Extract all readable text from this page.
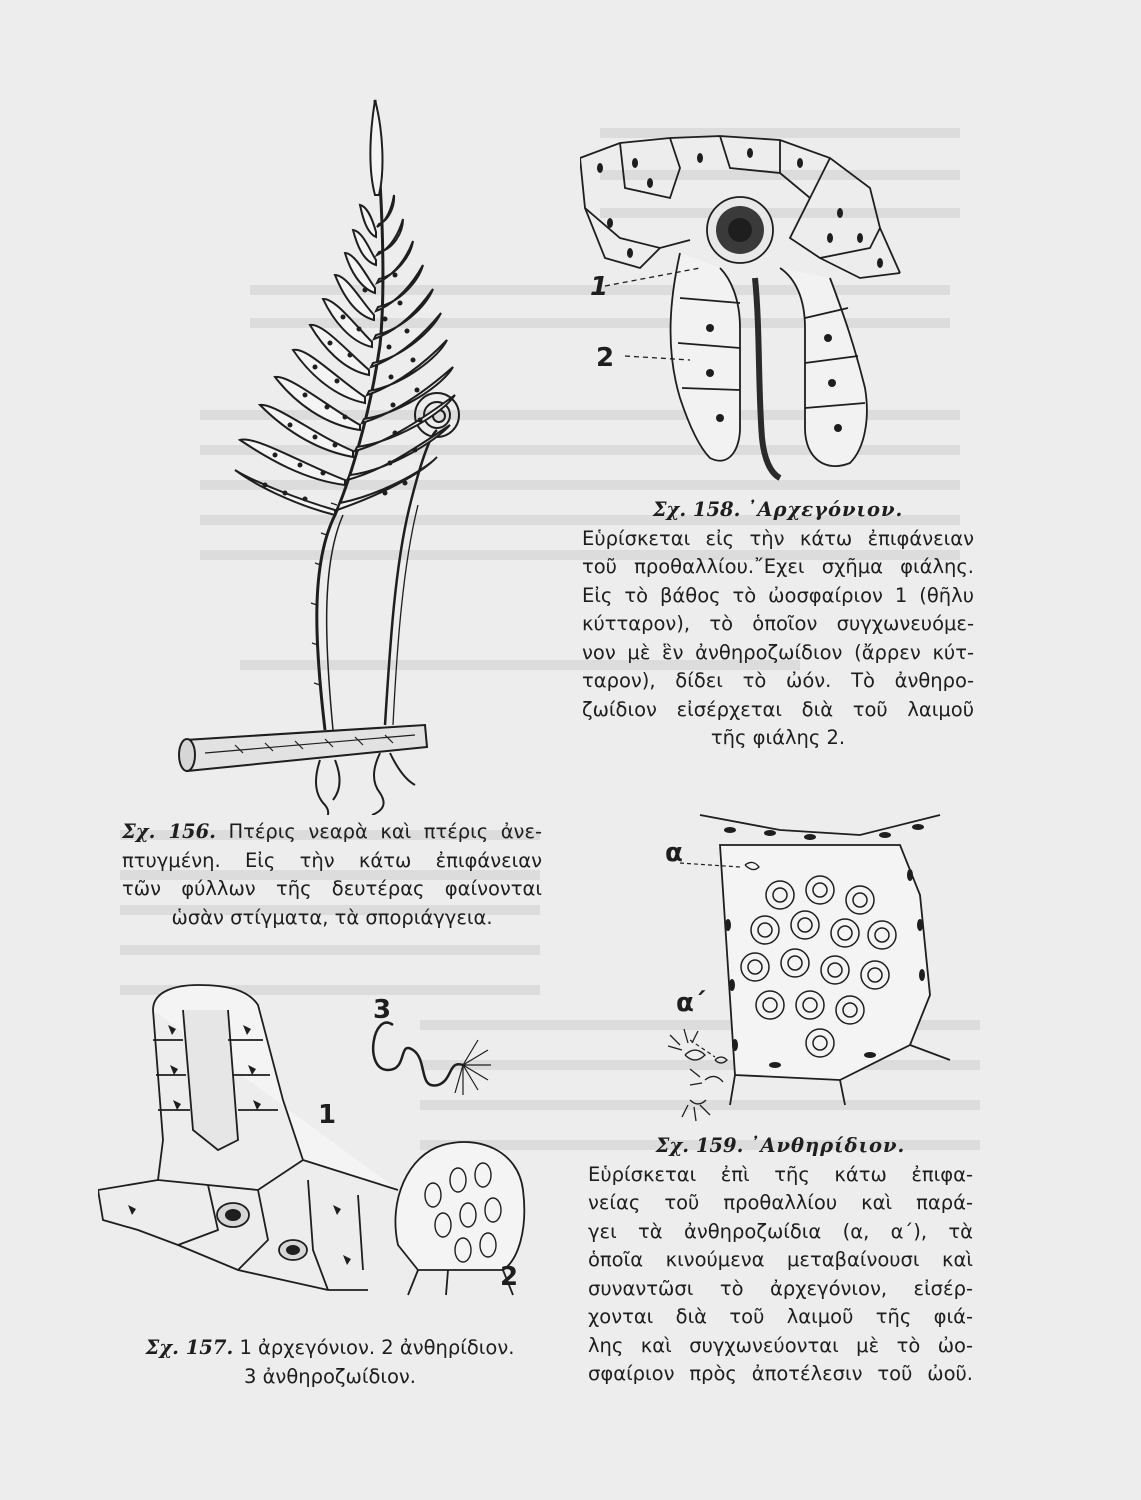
Σχ. 156. Πτέρις νεαρὰ καὶ πτέρις ἀνε-
πτυγμένη. Εἰς τὴν κάτω ἐπιφάνειαν
τῶν φύλλων τῆς δευτέρας φαίνονται
ὡσὰν στίγματα, τὰ σποριάγγεια.
1
2
Σχ. 158. ᾿Αρχεγόνιον.
Εὑρίσκεται εἰς τὴν κάτω ἐπιφάνειαν
τοῦ προθαλλίου.῎Εχει σχῆμα φιάλης.
Εἰς τὸ βάθος τὸ ὠοσφαίριον 1 (θῆλυ
κύτταρον), τὸ ὁποῖον συγχωνευόμε-
νον μὲ ἓν ἀνθηροζωίδιον (ἄρρεν κύτ-
ταρον), δίδει τὸ ὠόν. Τὸ ἀνθηρο-
ζωίδιον εἰσέρχεται διὰ τοῦ λαιμοῦ
τῆς φιάλης 2.
α
α΄
Σχ. 159. ᾿Ανθηρίδιον.
Εὑρίσκεται ἐπὶ τῆς κάτω ἐπιφα-
νείας τοῦ προθαλλίου καὶ παρά-
γει τὰ ἀνθηροζωίδια (α, α΄), τὰ
ὁποῖα κινούμενα μεταβαίνουσι καὶ
συναντῶσι τὸ ἀρχεγόνιον, εἰσέρ-
χονται διὰ τοῦ λαιμοῦ τῆς φιά-
λης καὶ συγχωνεύονται μὲ τὸ ὠο-
σφαίριον πρὸς ἀποτέλεσιν τοῦ ὠοῦ.
1
2
3
Σχ. 157. 1 ἀρχεγόνιον. 2 ἀνθηρίδιον.
3 ἀνθηροζωίδιον.
